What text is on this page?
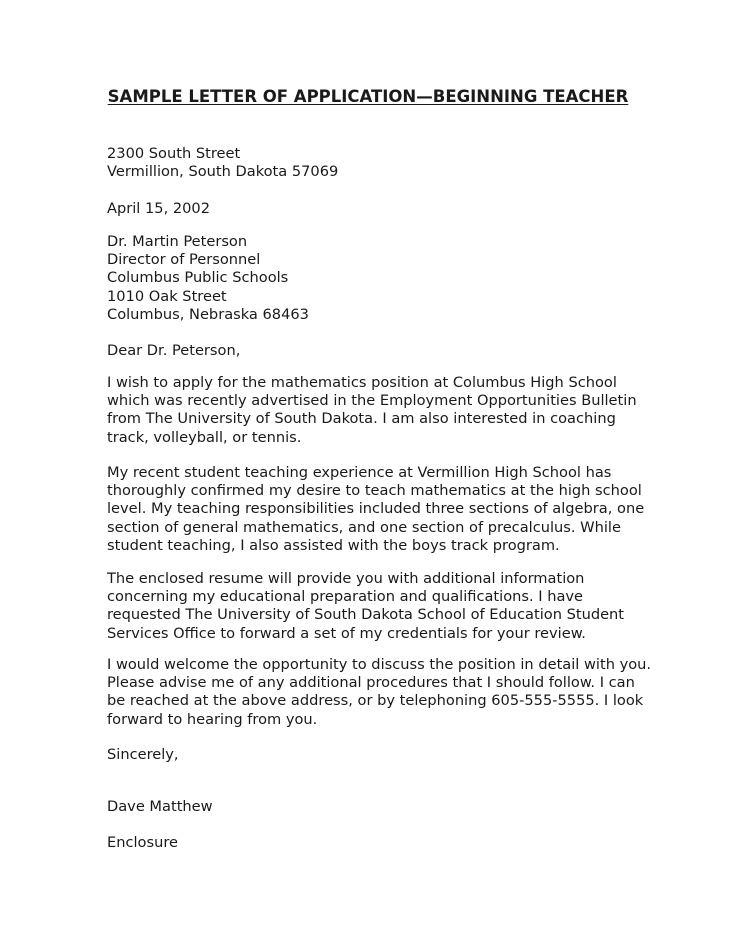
SAMPLE LETTER OF APPLICATION—BEGINNING TEACHER
2300 South Street
Vermillion, South Dakota 57069
April 15, 2002
Dr. Martin Peterson
Director of Personnel
Columbus Public Schools
1010 Oak Street
Columbus, Nebraska 68463
Dear Dr. Peterson,
I wish to apply for the mathematics position at Columbus High School
which was recently advertised in the Employment Opportunities Bulletin
from The University of South Dakota. I am also interested in coaching
track, volleyball, or tennis.
My recent student teaching experience at Vermillion High School has
thoroughly confirmed my desire to teach mathematics at the high school
level. My teaching responsibilities included three sections of algebra, one
section of general mathematics, and one section of precalculus. While
student teaching, I also assisted with the boys track program.
The enclosed resume will provide you with additional information
concerning my educational preparation and qualifications. I have
requested The University of South Dakota School of Education Student
Services Office to forward a set of my credentials for your review.
I would welcome the opportunity to discuss the position in detail with you.
Please advise me of any additional procedures that I should follow. I can
be reached at the above address, or by telephoning 605-555-5555. I look
forward to hearing from you.
Sincerely,
Dave Matthew
Enclosure
